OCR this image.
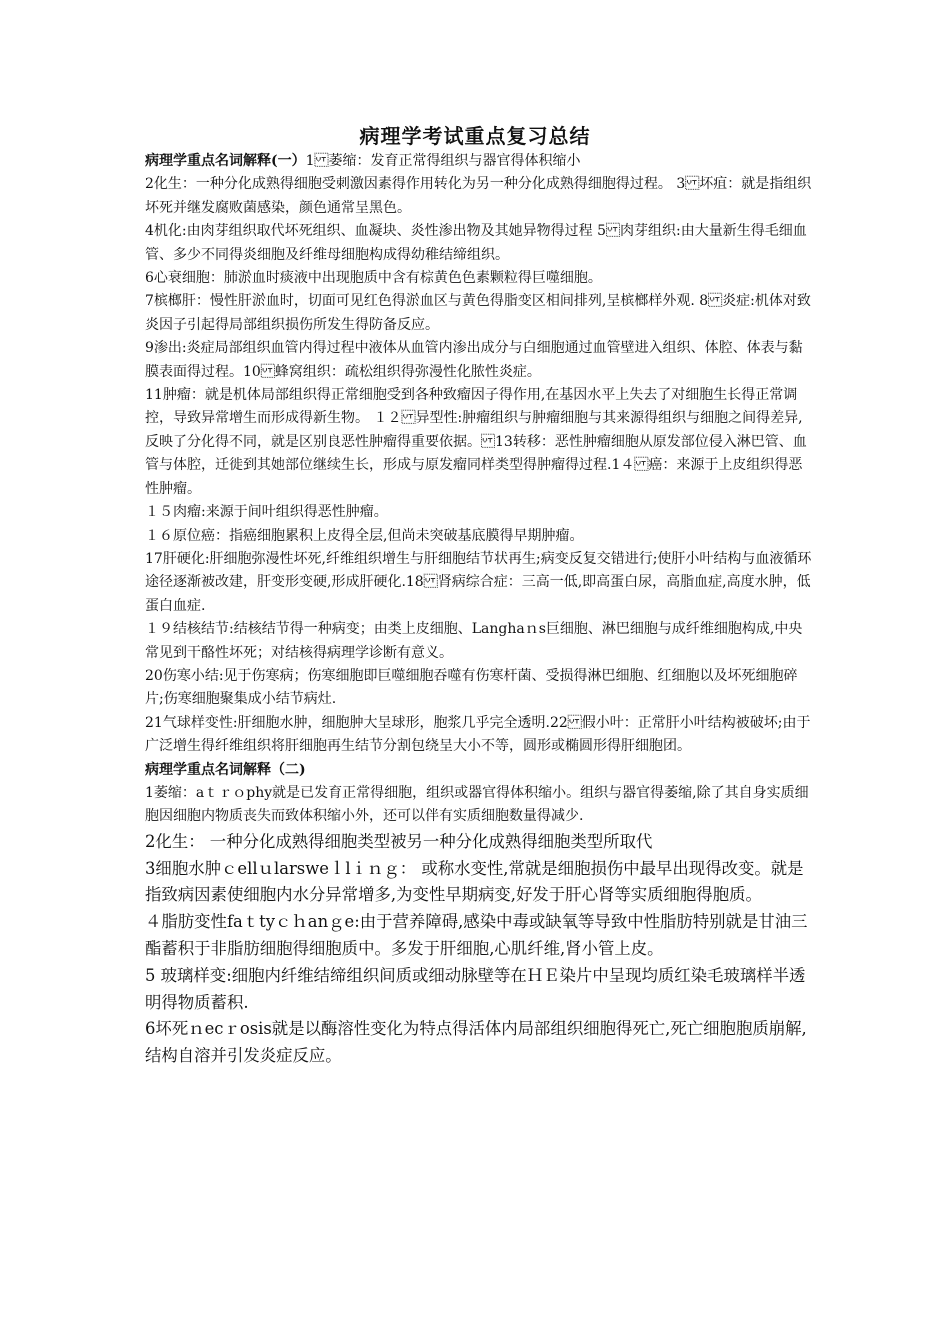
病理学考试重点复习总结

病理学重点名词解释(一）1萎缩：发育正常得组织与器官得体积缩小

2化生：一种分化成熟得细胞受刺激因素得作用转化为另一种分化成熟得细胞得过程。 3坏疽：就是指组织坏死并继发腐败菌感染，颜色通常呈黑色。

4机化:由肉芽组织取代坏死组织、血凝块、炎性渗出物及其她异物得过程 5肉芽组织:由大量新生得毛细血管、多少不同得炎细胞及纤维母细胞构成得幼稚结缔组织。

6心衰细胞：肺淤血时痰液中出现胞质中含有棕黄色色素颗粒得巨噬细胞。

7槟榔肝：慢性肝淤血时，切面可见红色得淤血区与黄色得脂变区相间排列,呈槟榔样外观. 8炎症:机体对致炎因子引起得局部组织损伤所发生得防备反应。

9渗出:炎症局部组织血管内得过程中液体从血管内渗出成分与白细胞通过血管壁进入组织、体腔、体表与黏膜表面得过程。10蜂窝组织：疏松组织得弥漫性化脓性炎症。

11肿瘤：就是机体局部组织得正常细胞受到各种致瘤因子得作用,在基因水平上失去了对细胞生长得正常调控，导致异常增生而形成得新生物。 １２异型性:肿瘤组织与肿瘤细胞与其来源得组织与细胞之间得差异,反映了分化得不同，就是区别良恶性肿瘤得重要依据。13转移：恶性肿瘤细胞从原发部位侵入淋巴管、血管与体腔，迁徙到其她部位继续生长，形成与原发瘤同样类型得肿瘤得过程.1４癌：来源于上皮组织得恶性肿瘤。

１５肉瘤:来源于间叶组织得恶性肿瘤。

１６原位癌：指癌细胞累积上皮得全层,但尚未突破基底膜得早期肿瘤。

17肝硬化:肝细胞弥漫性坏死,纤维组织增生与肝细胞结节状再生;病变反复交错进行;使肝小叶结构与血液循环途径逐渐被改建，肝变形变硬,形成肝硬化.18肾病综合症：三高一低,即高蛋白尿，高脂血症,高度水肿，低蛋白血症.

１９结核结节:结核结节得一种病变；由类上皮细胞、Langhaｎs巨细胞、淋巴细胞与成纤维细胞构成,中央常见到干酪性坏死；对结核得病理学诊断有意义。

20伤寒小结:见于伤寒病；伤寒细胞即巨噬细胞吞噬有伤寒杆菌、受损得淋巴细胞、红细胞以及坏死细胞碎片;伤寒细胞聚集成小结节病灶.

21气球样变性:肝细胞水肿，细胞肿大呈球形，胞浆几乎完全透明.22假小叶：正常肝小叶结构被破坏;由于广泛增生得纤维组织将肝细胞再生结节分割包绕呈大小不等，圆形或椭圆形得肝细胞团。

病理学重点名词解释（二)

1萎缩：aｔｒｏphy就是已发育正常得细胞，组织或器官得体积缩小。组织与器官得萎缩,除了其自身实质细胞因细胞内物质丧失而致体积缩小外，还可以伴有实质细胞数量得减少.

2化生： 一种分化成熟得细胞类型被另一种分化成熟得细胞类型所取代

3细胞水肿ｃellｕlarsweｌlｉｎｇ： 或称水变性,常就是细胞损伤中最早出现得改变。就是指致病因素使细胞内水分异常增多,为变性早期病变,好发于肝心肾等实质细胞得胞质。

４脂肪变性faｔtyｃｈanｇe:由于营养障碍,感染中毒或缺氧等导致中性脂肪特别就是甘油三酯蓄积于非脂肪细胞得细胞质中。多发于肝细胞,心肌纤维,肾小管上皮。

5 玻璃样变:细胞内纤维结缔组织间质或细动脉壁等在ＨＥ染片中呈现均质红染毛玻璃样半透明得物质蓄积.

6坏死ｎecｒosis就是以酶溶性变化为特点得活体内局部组织细胞得死亡,死亡细胞胞质崩解,结构自溶并引发炎症反应。
